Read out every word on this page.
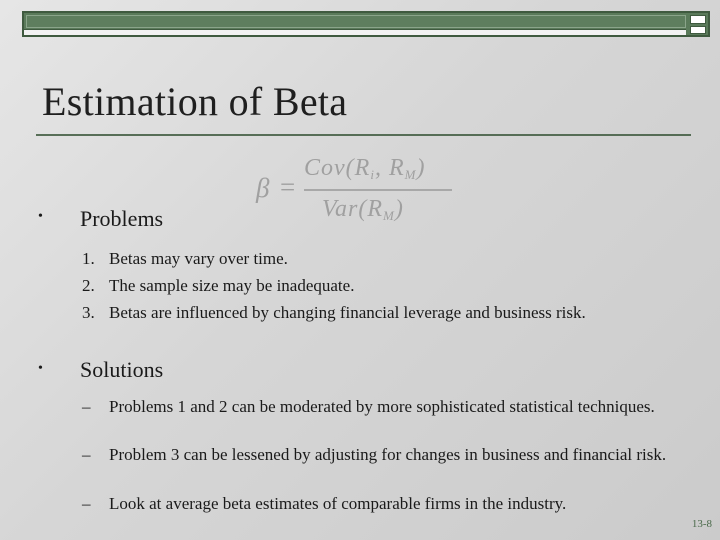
Estimation of Beta
β =
$Cov(R_i$, $R_M$)
$Var(R_M)$
• Problems
1. Betas may vary over time.
2. The sample size may be inadequate.
3. Betas are influenced by changing financial leverage and business risk.
• Solutions
–	Problems 1 and 2 can be moderated by more sophisticated statistical techniques.
–	Problem 3 can be lessened by adjusting for changes in business and financial risk.
–	Look at average beta estimates of comparable firms in the industry.
13-8
